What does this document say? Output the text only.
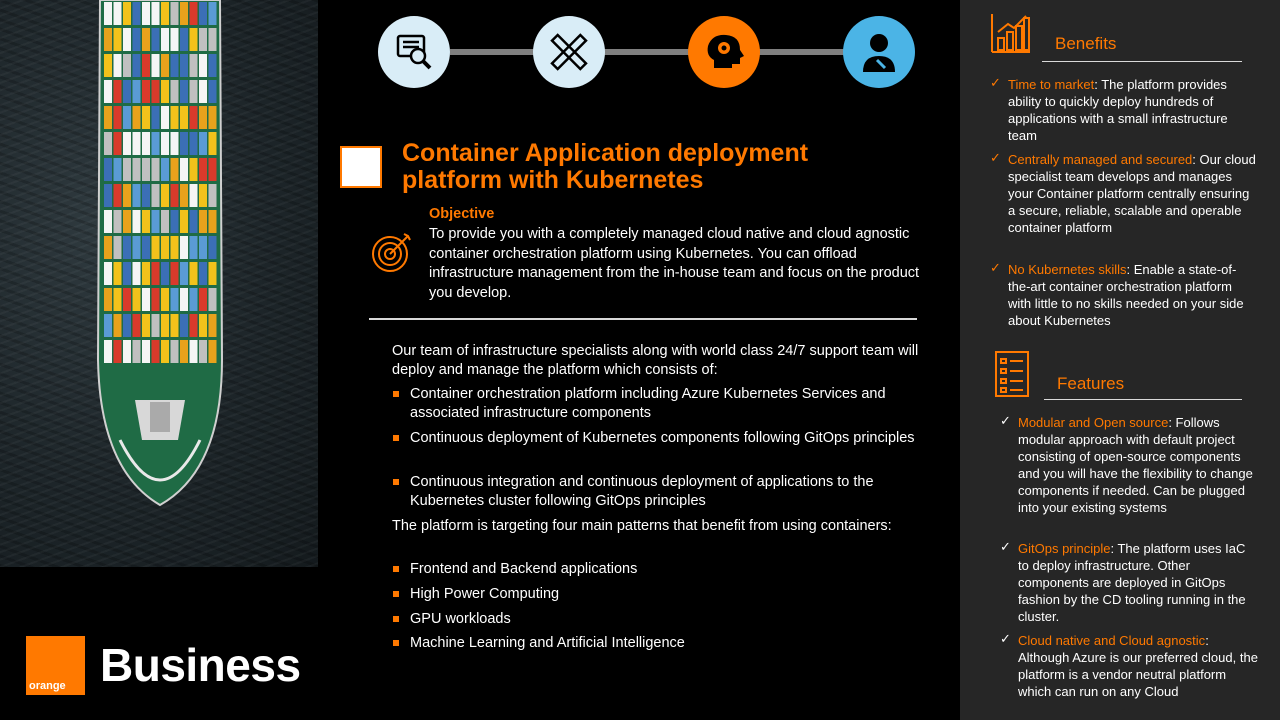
orange Business
Container Application deployment platform with Kubernetes
Objective
To provide you with a completely managed cloud native and cloud agnostic container orchestration platform using Kubernetes. You can offload infrastructure management from the in-house team and focus on the product you develop.
Our team of infrastructure specialists along with world class 24/7 support team will deploy and manage the platform which consists of:
Container orchestration platform including Azure Kubernetes Services and associated infrastructure components
Continuous deployment of Kubernetes components following GitOps principles
Continuous integration and continuous deployment of applications to the Kubernetes cluster following GitOps principles
The platform is targeting four main patterns that benefit from using containers:
Frontend and Backend applications
High Power Computing
GPU workloads
Machine Learning and Artificial Intelligence
Benefits
✓ Time to market: The platform provides ability to quickly deploy hundreds of applications with a small infrastructure team
✓ Centrally managed and secured: Our cloud specialist team develops and manages your Container platform centrally ensuring a secure, reliable, scalable and operable container platform
✓ No Kubernetes skills: Enable a state-of-the-art container orchestration platform with little to no skills needed on your side about Kubernetes
Features
✓ Modular and Open source: Follows modular approach with default project consisting of open-source components and you will have the flexibility to change components if needed. Can be plugged into your existing systems
✓ GitOps principle: The platform uses IaC to deploy infrastructure. Other components are deployed in GitOps fashion by the CD tooling running in the cluster.
✓ Cloud native and Cloud agnostic: Although Azure is our preferred cloud, the platform is a vendor neutral platform which can run on any Cloud
